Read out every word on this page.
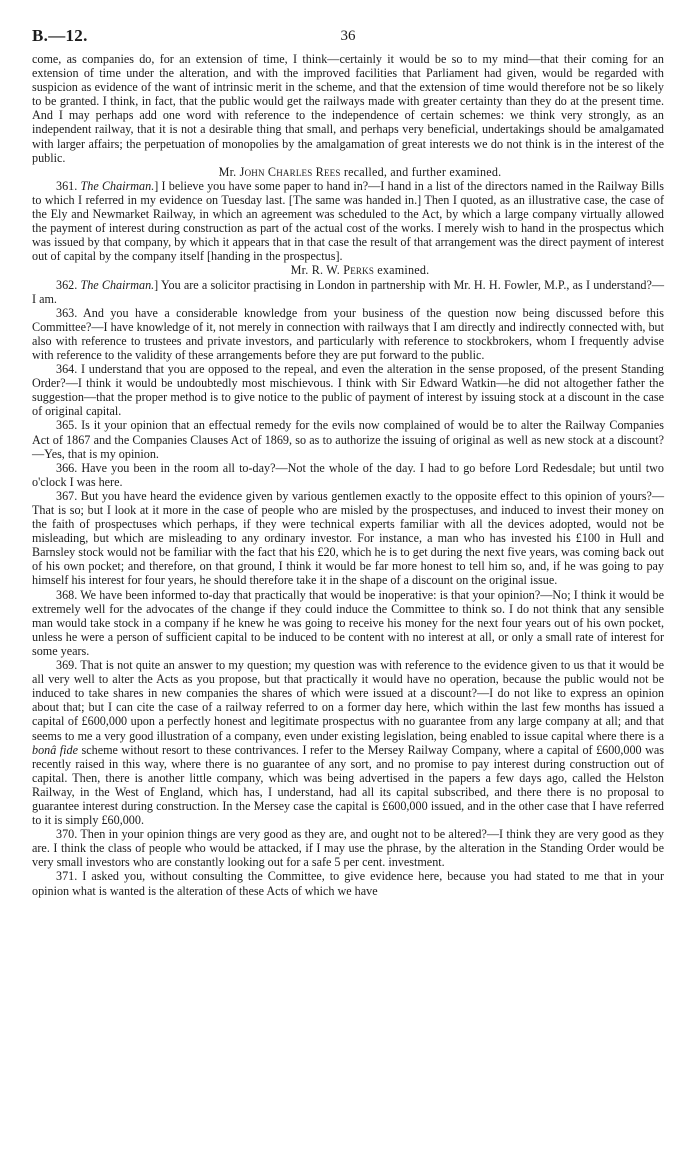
B.—12.	36

come, as companies do, for an extension of time, I think—certainly it would be so to my mind—that their coming for an extension of time under the alteration, and with the improved facilities that Parliament had given, would be regarded with suspicion as evidence of the want of intrinsic merit in the scheme, and that the extension of time would therefore not be so likely to be granted. I think, in fact, that the public would get the railways made with greater certainty than they do at the present time. And I may perhaps add one word with reference to the independence of certain schemes: we think very strongly, as an independent railway, that it is not a desirable thing that small, and perhaps very beneficial, undertakings should be amalgamated with larger affairs; the perpetuation of monopolies by the amalgamation of great interests we do not think is in the interest of the public.

Mr. John Charles Rees recalled, and further examined.

361. The Chairman.] I believe you have some paper to hand in?—I hand in a list of the directors named in the Railway Bills to which I referred in my evidence on Tuesday last. [The same was handed in.] Then I quoted, as an illustrative case, the case of the Ely and Newmarket Railway, in which an agreement was scheduled to the Act, by which a large company virtually allowed the payment of interest during construction as part of the actual cost of the works. I merely wish to hand in the prospectus which was issued by that company, by which it appears that in that case the result of that arrangement was the direct payment of interest out of capital by the company itself [handing in the prospectus].

Mr. R. W. Perks examined.

362. The Chairman.] You are a solicitor practising in London in partnership with Mr. H. H. Fowler, M.P., as I understand?—I am.

363. And you have a considerable knowledge from your business of the question now being discussed before this Committee?—I have knowledge of it, not merely in connection with railways that I am directly and indirectly connected with, but also with reference to trustees and private investors, and particularly with reference to stockbrokers, whom I frequently advise with reference to the validity of these arrangements before they are put forward to the public.

364. I understand that you are opposed to the repeal, and even the alteration in the sense proposed, of the present Standing Order?—I think it would be undoubtedly most mischievous. I think with Sir Edward Watkin—he did not altogether father the suggestion—that the proper method is to give notice to the public of payment of interest by issuing stock at a discount in the case of original capital.

365. Is it your opinion that an effectual remedy for the evils now complained of would be to alter the Railway Companies Act of 1867 and the Companies Clauses Act of 1869, so as to authorize the issuing of original as well as new stock at a discount?—Yes, that is my opinion.

366. Have you been in the room all to-day?—Not the whole of the day. I had to go before Lord Redesdale; but until two o'clock I was here.

367. But you have heard the evidence given by various gentlemen exactly to the opposite effect to this opinion of yours?—That is so; but I look at it more in the case of people who are misled by the prospectuses, and induced to invest their money on the faith of prospectuses which perhaps, if they were technical experts familiar with all the devices adopted, would not be misleading, but which are misleading to any ordinary investor. For instance, a man who has invested his £100 in Hull and Barnsley stock would not be familiar with the fact that his £20, which he is to get during the next five years, was coming back out of his own pocket; and therefore, on that ground, I think it would be far more honest to tell him so, and, if he was going to pay himself his interest for four years, he should therefore take it in the shape of a discount on the original issue.

368. We have been informed to-day that practically that would be inoperative: is that your opinion?—No; I think it would be extremely well for the advocates of the change if they could induce the Committee to think so. I do not think that any sensible man would take stock in a company if he knew he was going to receive his money for the next four years out of his own pocket, unless he were a person of sufficient capital to be induced to be content with no interest at all, or only a small rate of interest for some years.

369. That is not quite an answer to my question; my question was with reference to the evidence given to us that it would be all very well to alter the Acts as you propose, but that practically it would have no operation, because the public would not be induced to take shares in new companies the shares of which were issued at a discount?—I do not like to express an opinion about that; but I can cite the case of a railway referred to on a former day here, which within the last few months has issued a capital of £600,000 upon a perfectly honest and legitimate prospectus with no guarantee from any large company at all; and that seems to me a very good illustration of a company, even under existing legislation, being enabled to issue capital where there is a bonâ fide scheme without resort to these contrivances. I refer to the Mersey Railway Company, where a capital of £600,000 was recently raised in this way, where there is no guarantee of any sort, and no promise to pay interest during construction out of capital. Then, there is another little company, which was being advertised in the papers a few days ago, called the Helston Railway, in the West of England, which has, I understand, had all its capital subscribed, and there there is no proposal to guarantee interest during construction. In the Mersey case the capital is £600,000 issued, and in the other case that I have referred to it is simply £60,000.

370. Then in your opinion things are very good as they are, and ought not to be altered?—I think they are very good as they are. I think the class of people who would be attacked, if I may use the phrase, by the alteration in the Standing Order would be very small investors who are constantly looking out for a safe 5 per cent. investment.

371. I asked you, without consulting the Committee, to give evidence here, because you had stated to me that in your opinion what is wanted is the alteration of these Acts of which we have
